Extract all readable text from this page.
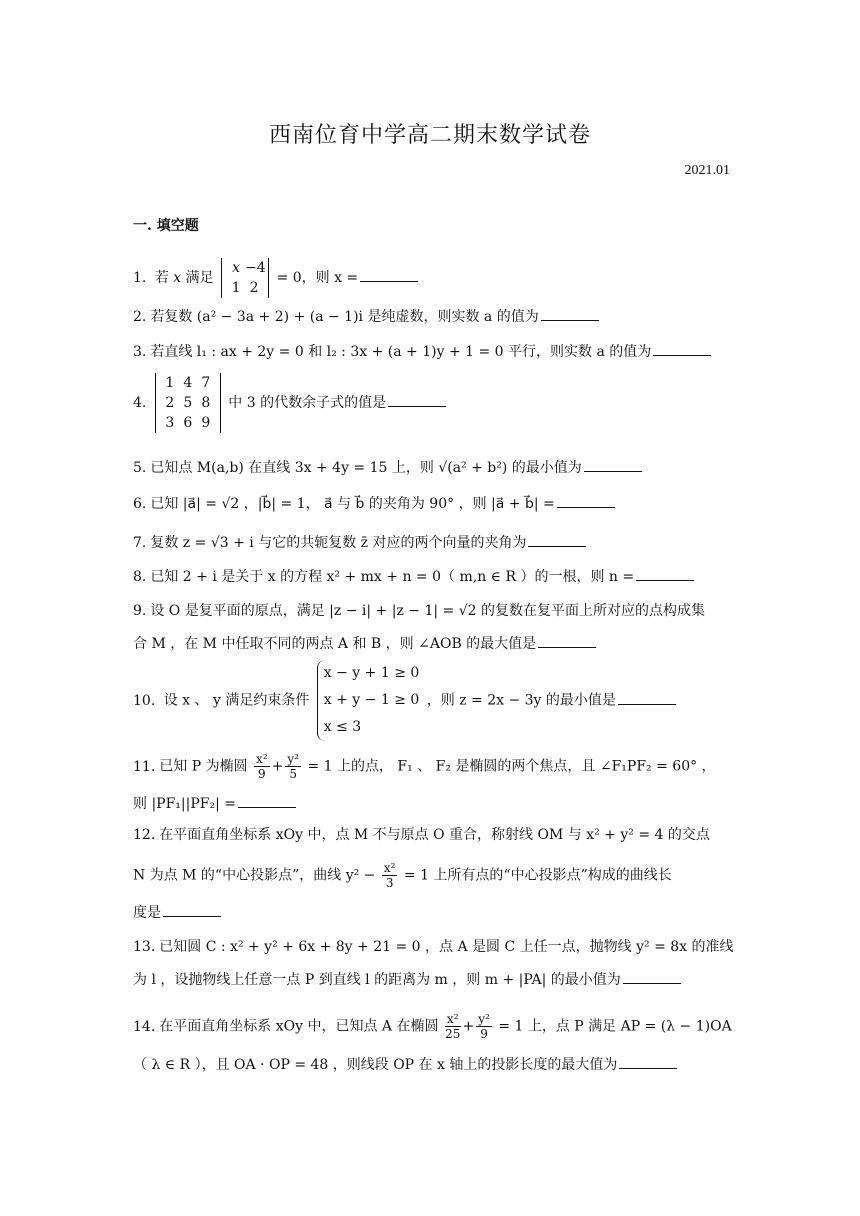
西南位育中学高二期末数学试卷
2021.01
一. 填空题
1. 若 x 满足
x −4
1 2
= 0，则 x =
2. 若复数 (a² − 3a + 2) + (a − 1)i 是纯虚数，则实数 a 的值为
3. 若直线 l₁ : ax + 2y = 0 和 l₂ : 3x + (a + 1)y + 1 = 0 平行，则实数 a 的值为
4.
1 4 7
2 5 8
3 6 9
中 3 的代数余子式的值是
5. 已知点 M(a,b) 在直线 3x + 4y = 15 上，则 √(a² + b²) 的最小值为
6. 已知 |a⃗| = √2 ，|b⃗| = 1， a⃗ 与 b⃗ 的夹角为 90° ，则 |a⃗ + b⃗| =
7. 复数 z = √3 + i 与它的共轭复数 z̄ 对应的两个向量的夹角为
8. 已知 2 + i 是关于 x 的方程 x² + mx + n = 0（ m,n ∈ R ）的一根，则 n =
9. 设 O 是复平面的原点，满足 |z − i| + |z − 1| = √2 的复数在复平面上所对应的点构成集
合 M ，在 M 中任取不同的两点 A 和 B ，则 ∠AOB 的最大值是
10. 设 x 、 y 满足约束条件
x − y + 1 ≥ 0
x + y − 1 ≥ 0
x ≤ 3
，则 z = 2x − 3y 的最小值是
11. 已知 P 为椭圆 $\frac{\text{x²}}{9} + \frac{\text{y²}}{5} = 1$ 上的点， F₁ 、 F₂ 是椭圆的两个焦点，且 ∠F₁PF₂ = 60° ，
则 |PF₁||PF₂| =
12. 在平面直角坐标系 xOy 中，点 M 不与原点 O 重合，称射线 OM 与 x² + y² = 4 的交点
N 为点 M 的“中心投影点”，曲线 $y^2 - \frac{\text{x²}}{3} = 1$ 上所有点的“中心投影点”构成的曲线长
度是
13. 已知圆 C : x² + y² + 6x + 8y + 21 = 0 ，点 A 是圆 C 上任一点，抛物线 y² = 8x 的准线
为 l ，设抛物线上任意一点 P 到直线 l 的距离为 m ，则 m + |PA| 的最小值为
14. 在平面直角坐标系 xOy 中，已知点 A 在椭圆 $\frac{\text{x²}}{25} + \frac{\text{y²}}{9} = 1$ 上，点 P 满足 AP = (λ − 1)OA
（ λ ∈ R ），且 OA · OP = 48 ，则线段 OP 在 x 轴上的投影长度的最大值为
